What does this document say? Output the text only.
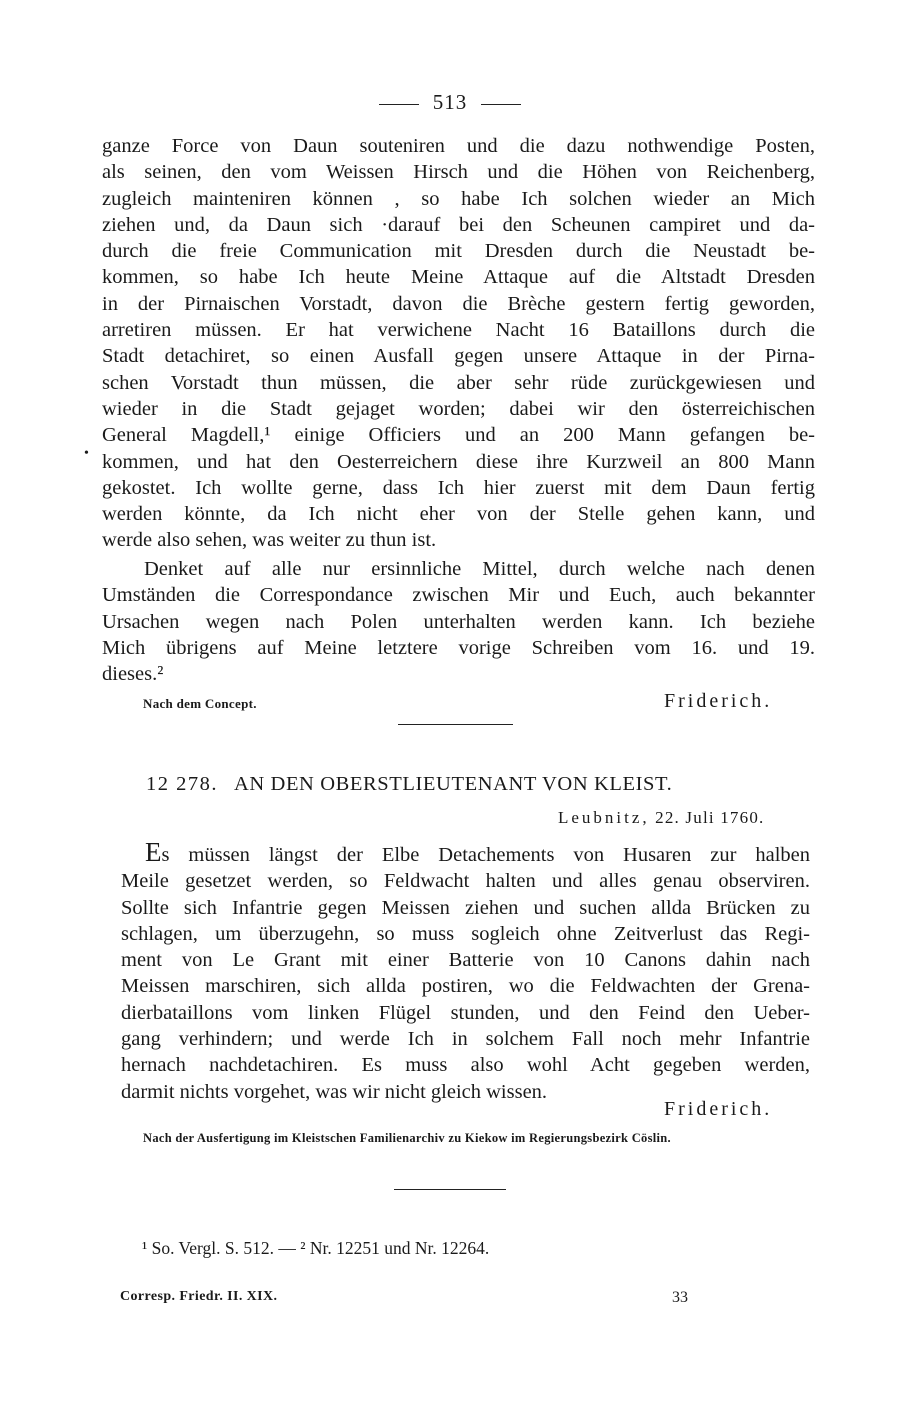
513
•
ganze Force von Daun souteniren und die dazu nothwendige Posten,
als seinen, den vom Weissen Hirsch und die Höhen von Reichenberg,
zugleich mainteniren können , so habe Ich solchen wieder an Mich
ziehen und, da Daun sich ·darauf bei den Scheunen campiret und da-
durch die freie Communication mit Dresden durch die Neustadt be-
kommen, so habe Ich heute Meine Attaque auf die Altstadt Dresden
in der Pirnaischen Vorstadt, davon die Brèche gestern fertig geworden,
arretiren müssen. Er hat verwichene Nacht 16 Bataillons durch die
Stadt detachiret, so einen Ausfall gegen unsere Attaque in der Pirna-
schen Vorstadt thun müssen, die aber sehr rüde zurückgewiesen und
wieder in die Stadt gejaget worden; dabei wir den österreichischen
General Magdell,¹ einige Officiers und an 200 Mann gefangen be-
kommen, und hat den Oesterreichern diese ihre Kurzweil an 800 Mann
gekostet. Ich wollte gerne, dass Ich hier zuerst mit dem Daun fertig
werden könnte, da Ich nicht eher von der Stelle gehen kann, und
werde also sehen, was weiter zu thun ist.
Denket auf alle nur ersinnliche Mittel, durch welche nach denen
Umständen die Correspondance zwischen Mir und Euch, auch bekannter
Ursachen wegen nach Polen unterhalten werden kann. Ich beziehe
Mich übrigens auf Meine letztere vorige Schreiben vom 16. und 19.
dieses.²
Nach dem Concept.	Friderich.
12 278. AN DEN OBERSTLIEUTENANT VON KLEIST.
Leubnitz, 22. Juli 1760.
Es müssen längst der Elbe Detachements von Husaren zur halben
Meile gesetzet werden, so Feldwacht halten und alles genau observiren.
Sollte sich Infantrie gegen Meissen ziehen und suchen allda Brücken zu
schlagen, um überzugehn, so muss sogleich ohne Zeitverlust das Regi-
ment von Le Grant mit einer Batterie von 10 Canons dahin nach
Meissen marschiren, sich allda postiren, wo die Feldwachten der Grena-
dierbataillons vom linken Flügel stunden, und den Feind den Ueber-
gang verhindern; und werde Ich in solchem Fall noch mehr Infantrie
hernach nachdetachiren. Es muss also wohl Acht gegeben werden,
darmit nichts vorgehet, was wir nicht gleich wissen.
Friderich.
Nach der Ausfertigung im Kleistschen Familienarchiv zu Kiekow im Regierungsbezirk Cöslin.
¹ So. Vergl. S. 512. — ² Nr. 12251 und Nr. 12264.
Corresp. Friedr. II. XIX.	33
